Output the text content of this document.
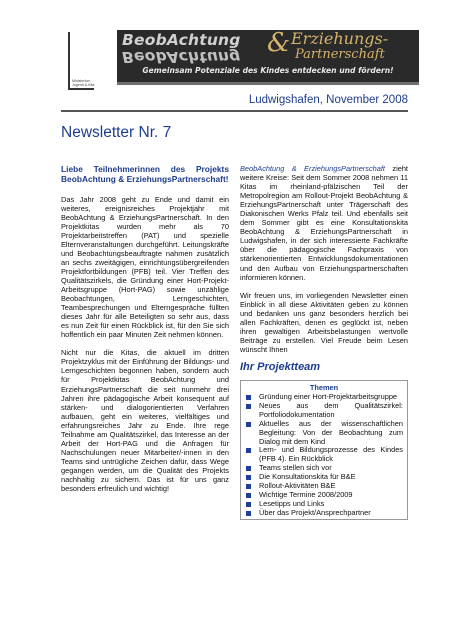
Ministerium
Jugend & Kita
BeobAchtung
BeobAchtung & Erziehungs-
Partnerschaft
Gemeinsam Potenziale des Kindes entdecken und fördern!
Ludwigshafen, November 2008
Newsletter Nr. 7
Liebe Teilnehmerinnen des Projekts BeobAchtung & ErziehungsPartnerschaft!

Das Jahr 2008 geht zu Ende und damit ein weiteres, ereignisreiches Projektjahr mit BeobAchtung & ErziehungsPartnerschaft. In den Projektkitas wurden mehr als 70 Projektarbeitstreffen (PAT) und spezielle Elternveranstaltungen durchgeführt. Leitungskräfte und Beobachtungsbeauftragte nahmen zusätzlich an sechs zweitägigen, einrichtungsübergreifenden Projektfortbildungen (PFB) teil. Vier Treffen des Qualitätszirkels, die Gründung einer Hort-Projekt-Arbeitsgruppe (Hort-PAG) sowie unzählige Beobachtungen, Lerngeschichten, Teambesprechungen und Elterngespräche füllten dieses Jahr für alle Beteiligten so sehr aus, dass es nun Zeit für einen Rückblick ist, für den Sie sich hoffentlich ein paar Minuten Zeit nehmen können.

Nicht nur die Kitas, die aktuell im dritten Projektzyklus mit der Einführung der Bildungs- und Lerngeschichten begonnen haben, sondern auch für Projektkitas BeobAchtung und ErziehungsPartnerschaft die seit nunmehr drei Jahren ihre pädagogische Arbeit konsequent auf stärken- und dialogorientierten Verfahren aufbauen, geht ein weiteres, vielfältiges und erfahrungsreiches Jahr zu Ende. Ihre rege Teilnahme am Qualitätszirkel, das Interesse an der Arbeit der Hort-PAG und die Anfragen für Nachschulungen neuer Mitarbeiter/-innen in den Teams sind untrügliche Zeichen dafür, dass Wege gegangen werden, um die Qualität des Projekts nachhaltig zu sichern. Das ist für uns ganz besonders erfreulich und wichtig!

BeobAchtung & ErziehungsPartnerschaft zieht weitere Kreise: Seit dem Sommer 2008 nehmen 11 Kitas im rheinland-pfälzischen Teil der Metropolregion am Rollout-Projekt BeobAchtung & ErziehungsPartnerschaft unter Trägerschaft des Diakonischen Werks Pfalz teil. Und ebenfalls seit dem Sommer gibt es eine Konsultationskita BeobAchtung & ErziehungsPartnerschaft in Ludwigshafen, in der sich interessierte Fachkräfte über die pädagogische Fachpraxis von stärkenorientierten Entwicklungsdokumentationen und den Aufbau von Erziehungspartnerschaften informieren können.

Wir freuen uns, im vorliegenden Newsletter einen Einblick in all diese Aktivitäten geben zu können und bedanken uns ganz besonders herzlich bei allen Fachkräften, denen es geglückt ist, neben ihren gewaltigen Arbeitsbelastungen wertvolle Beiträge zu erstellen. Viel Freude beim Lesen wünscht Ihnen

Ihr Projektteam
Themen
Gründung einer Hort-Projektarbeitsgruppe
Neues aus dem Qualitätszirkel: Portfoliodokumentation
Aktuelles aus der wissenschaftlichen Begleitung: Von der Beobachtung zum Dialog mit dem Kind
Lern- und Bildungsprozesse des Kindes (PFB 4). Ein Rückblick
Teams stellen sich vor
Die Konsultationskita für B&E
Rollout-Aktivitäten B&E
Wichtige Termine 2008/2009
Lesetipps und Links
Über das Projekt/Ansprechpartner
